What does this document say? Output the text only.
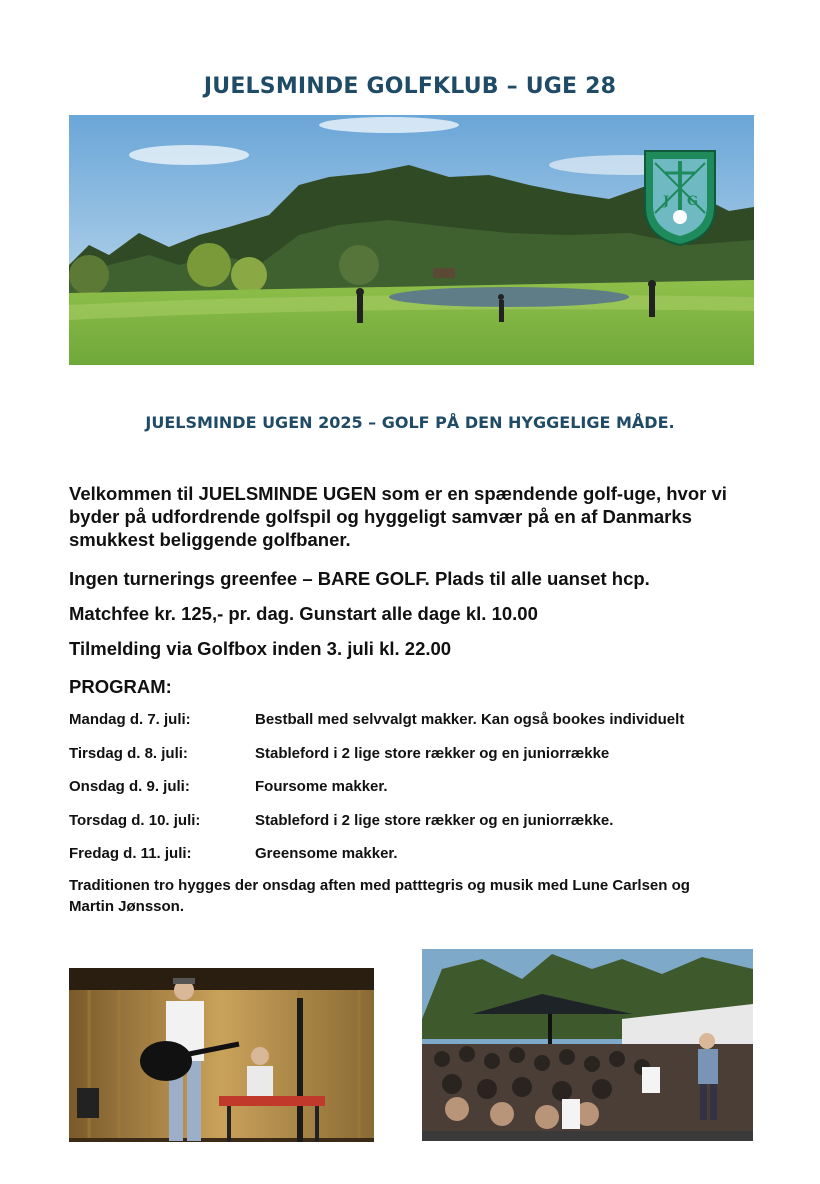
JUELSMINDE GOLFKLUB – UGE 28
J G
JUELSMINDE UGEN 2025 – GOLF PÅ DEN HYGGELIGE MÅDE.

Velkommen til JUELSMINDE UGEN som er en spændende golf-uge, hvor vi byder på udfordrende golfspil og hyggeligt samvær på en af Danmarks smukkest beliggende golfbaner.

Ingen turnerings greenfee – BARE GOLF. Plads til alle uanset hcp.

Matchfee kr. 125,- pr. dag. Gunstart alle dage kl. 10.00

Tilmelding via Golfbox inden 3. juli kl. 22.00

PROGRAM:

Mandag d. 7. juli:	Bestball med selvvalgt makker. Kan også bookes individuelt
Tirsdag d. 8. juli:	Stableford i 2 lige store rækker og en juniorrække
Onsdag d. 9. juli:	Foursome makker.
Torsdag d. 10. juli:	Stableford i 2 lige store rækker og en juniorrække.
Fredag d. 11. juli:	Greensome makker.

Traditionen tro hygges der onsdag aften med patttegris og musik med Lune Carlsen og Martin Jønsson.
